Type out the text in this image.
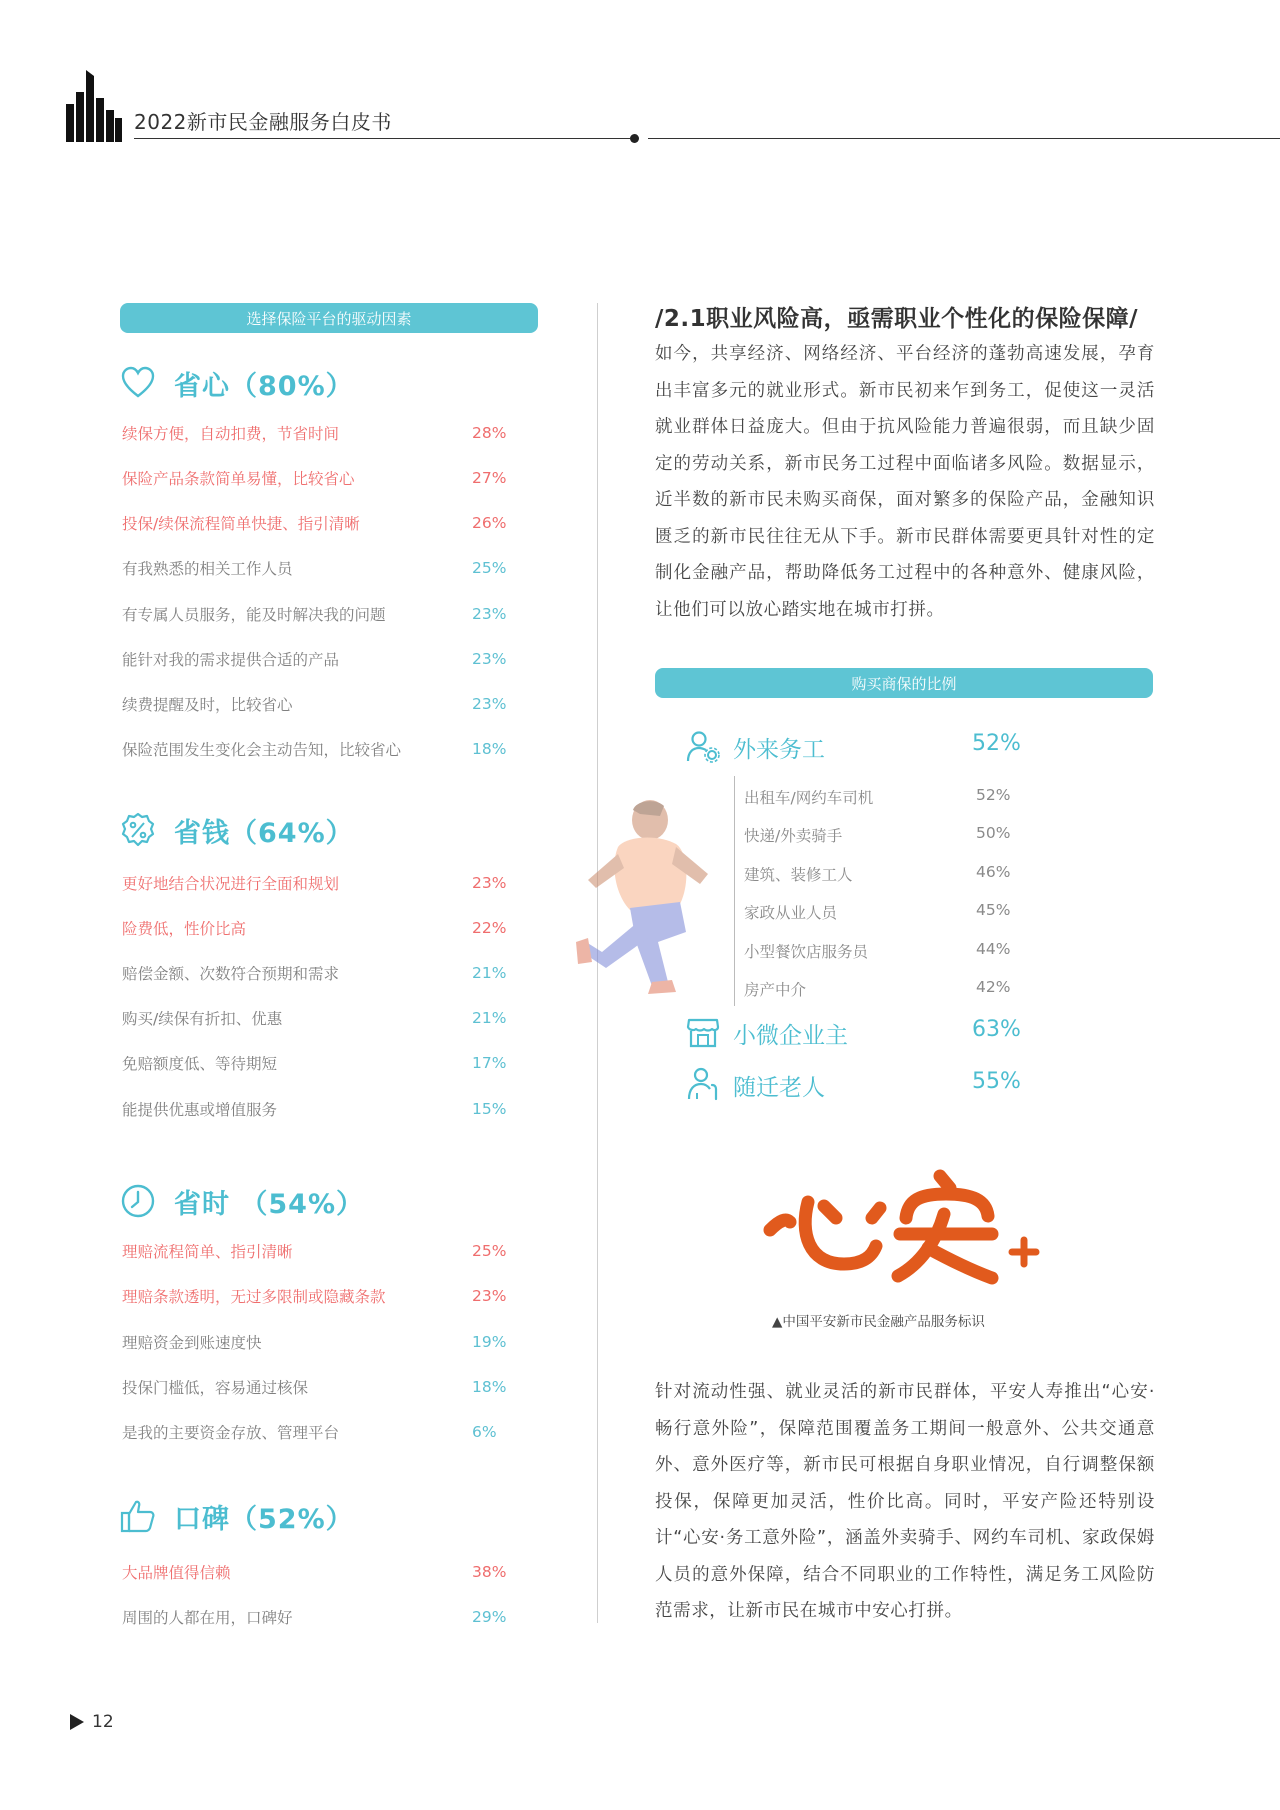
2022新市民金融服务白皮书
选择保险平台的驱动因素
省心（80%）
续保方便，自动扣费，节省时间	28%
保险产品条款简单易懂，比较省心	27%
投保/续保流程简单快捷、指引清晰	26%
有我熟悉的相关工作人员	25%
有专属人员服务，能及时解决我的问题	23%
能针对我的需求提供合适的产品	23%
续费提醒及时，比较省心	23%
保险范围发生变化会主动告知，比较省心	18%
省钱（64%）
更好地结合状况进行全面和规划	23%
险费低，性价比高	22%
赔偿金额、次数符合预期和需求	21%
购买/续保有折扣、优惠	21%
免赔额度低、等待期短	17%
能提供优惠或增值服务	15%
省时 （54%）
理赔流程简单、指引清晰	25%
理赔条款透明，无过多限制或隐藏条款	23%
理赔资金到账速度快	19%
投保门槛低，容易通过核保	18%
是我的主要资金存放、管理平台	6%
口碑（52%）
大品牌值得信赖	38%
周围的人都在用，口碑好	29%
/2.1职业风险高，亟需职业个性化的保险保障/
如今，共享经济、网络经济、平台经济的蓬勃高速发展，孕育出丰富多元的就业形式。新市民初来乍到务工，促使这一灵活就业群体日益庞大。但由于抗风险能力普遍很弱，而且缺少固定的劳动关系，新市民务工过程中面临诸多风险。数据显示，近半数的新市民未购买商保，面对繁多的保险产品，金融知识匮乏的新市民往往无从下手。新市民群体需要更具针对性的定制化金融产品，帮助降低务工过程中的各种意外、健康风险，让他们可以放心踏实地在城市打拼。
购买商保的比例
外来务工	52%
出租车/网约车司机	52%
快递/外卖骑手	50%
建筑、装修工人	46%
家政从业人员	45%
小型餐饮店服务员	44%
房产中介	42%
小微企业主	63%
随迁老人	55%
▲中国平安新市民金融产品服务标识
针对流动性强、就业灵活的新市民群体，平安人寿推出“心安·畅行意外险”，保障范围覆盖务工期间一般意外、公共交通意外、意外医疗等，新市民可根据自身职业情况，自行调整保额投保，保障更加灵活，性价比高。同时，平安产险还特别设计“心安·务工意外险”，涵盖外卖骑手、网约车司机、家政保姆人员的意外保障，结合不同职业的工作特性，满足务工风险防范需求，让新市民在城市中安心打拼。
12
